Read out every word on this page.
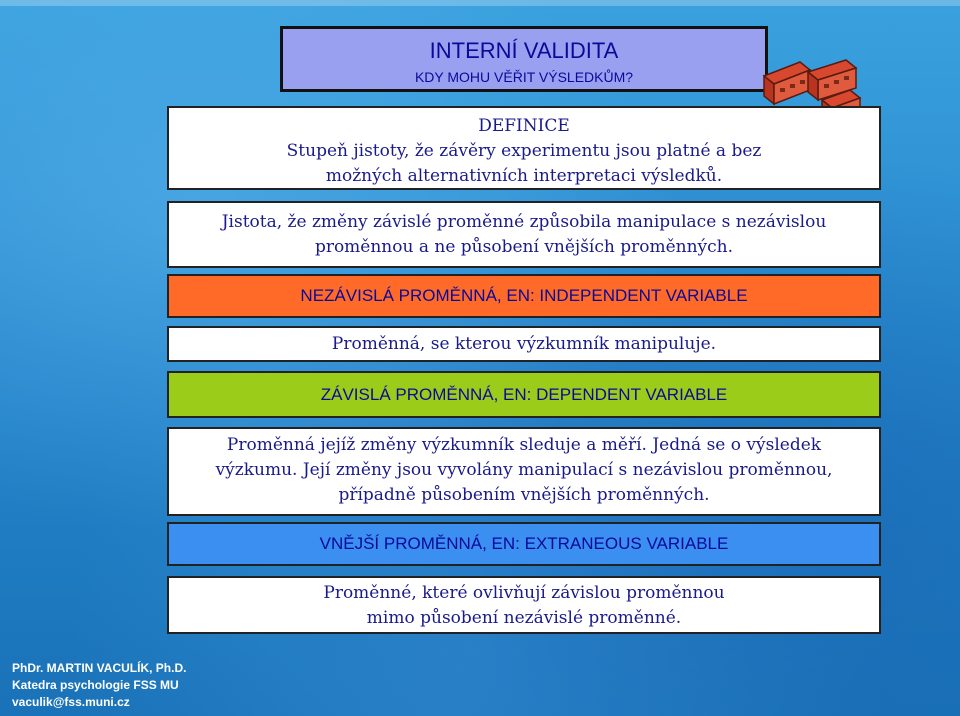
INTERNÍ VALIDITA
KDY MOHU VĚŘIT VÝSLEDKŮM?
DEFINICE
Stupeň jistoty, že závěry experimentu jsou platné a bez
možných alternativních interpretaci výsledků.
Jistota, že změny závislé proměnné způsobila manipulace s nezávislou
proměnnou a ne působení vnějších proměnných.
NEZÁVISLÁ PROMĚNNÁ, EN: INDEPENDENT VARIABLE
Proměnná, se kterou výzkumník manipuluje.
ZÁVISLÁ PROMĚNNÁ, EN: DEPENDENT VARIABLE
Proměnná jejíž změny výzkumník sleduje a měří. Jedná se o výsledek
výzkumu. Její změny jsou vyvolány manipulací s nezávislou proměnnou,
případně působením vnějších proměnných.
VNĚJŠÍ PROMĚNNÁ, EN: EXTRANEOUS VARIABLE
Proměnné, které ovlivňují závislou proměnnou
mimo působení nezávislé proměnné.
PhDr. MARTIN VACULÍK, Ph.D.
Katedra psychologie FSS MU
vaculik@fss.muni.cz
